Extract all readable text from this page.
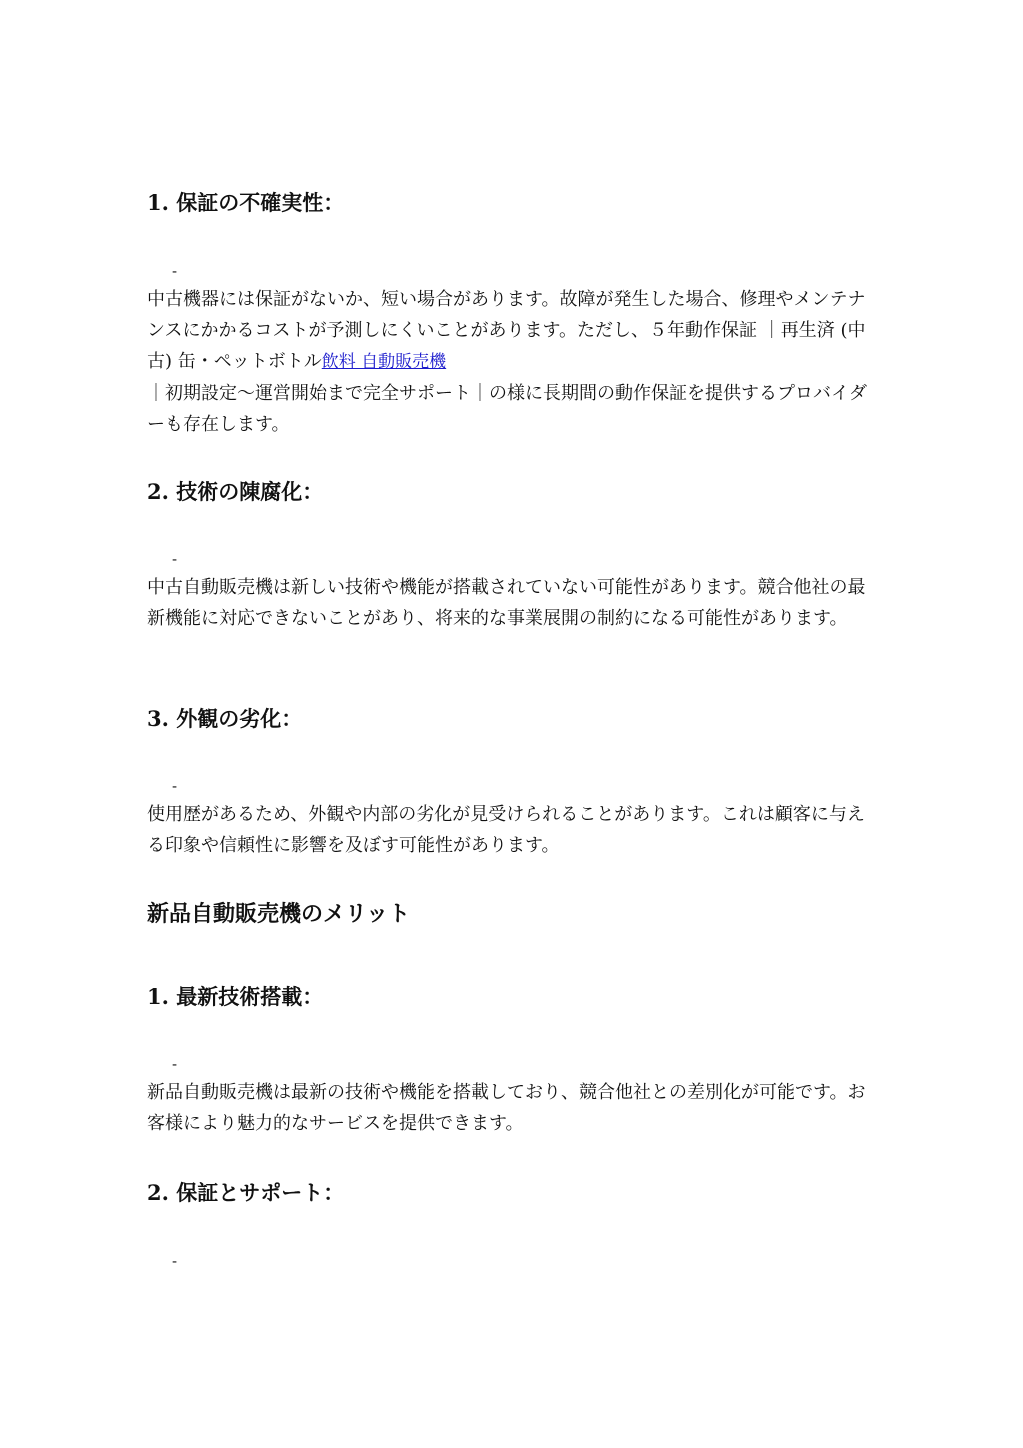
1. 保証の不確実性：
-

中古機器には保証がないか、短い場合があります。故障が発生した場合、修理やメンテナンスにかかるコストが予測しにくいことがあります。ただし、５年動作保証 ｜再生済 (中古) 缶・ペットボトル飲料 自動販売機
｜初期設定〜運営開始まで完全サポート｜の様に長期間の動作保証を提供するプロバイダーも存在します。

2. 技術の陳腐化：
-

中古自動販売機は新しい技術や機能が搭載されていない可能性があります。競合他社の最新機能に対応できないことがあり、将来的な事業展開の制約になる可能性があります。

3. 外観の劣化：
-

使用歴があるため、外観や内部の劣化が見受けられることがあります。これは顧客に与える印象や信頼性に影響を及ぼす可能性があります。

新品自動販売機のメリット
1. 最新技術搭載：
-

新品自動販売機は最新の技術や機能を搭載しており、競合他社との差別化が可能です。お客様により魅力的なサービスを提供できます。

2. 保証とサポート：
-
